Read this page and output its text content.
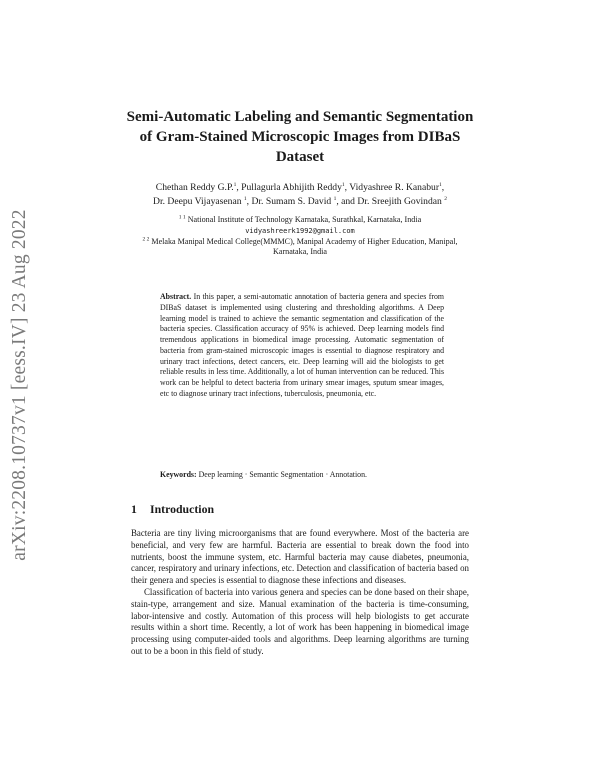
arXiv:2208.10737v1 [eess.IV] 23 Aug 2022
Semi-Automatic Labeling and Semantic Segmentation of Gram-Stained Microscopic Images from DIBaS Dataset
Chethan Reddy G.P.$^1$, Pullagurla Abhijith Reddy$^1$, Vidyashree R. Kanabur$^1$,
Dr. Deepu Vijayasenan $^1$, Dr. Sumam S. David $^1$, and Dr. Sreejith Govindan $^2$
$^{1 1}$ National Institute of Technology Karnataka, Surathkal, Karnataka, India
vidyashreerk1992@gmail.com
$^{2 2}$ Melaka Manipal Medical College(MMMC), Manipal Academy of Higher Education, Manipal, Karnataka, India
Abstract. In this paper, a semi-automatic annotation of bacteria genera and species from DIBaS dataset is implemented using clustering and thresholding algorithms. A Deep learning model is trained to achieve the semantic segmentation and classification of the bacteria species. Classification accuracy of 95% is achieved. Deep learning models find tremendous applications in biomedical image processing. Automatic segmentation of bacteria from gram-stained microscopic images is essential to diagnose respiratory and urinary tract infections, detect cancers, etc. Deep learning will aid the biologists to get reliable results in less time. Additionally, a lot of human intervention can be reduced. This work can be helpful to detect bacteria from urinary smear images, sputum smear images, etc to diagnose urinary tract infections, tuberculosis, pneumonia, etc.
Keywords: Deep learning · Semantic Segmentation · Annotation.
1 Introduction

Bacteria are tiny living microorganisms that are found everywhere. Most of the bacteria are beneficial, and very few are harmful. Bacteria are essential to break down the food into nutrients, boost the immune system, etc. Harmful bacteria may cause diabetes, pneumonia, cancer, respiratory and urinary infections, etc. Detection and classification of bacteria based on their genera and species is essential to diagnose these infections and diseases.

Classification of bacteria into various genera and species can be done based on their shape, stain-type, arrangement and size. Manual examination of the bacteria is time-consuming, labor-intensive and costly. Automation of this process will help biologists to get accurate results within a short time. Recently, a lot of work has been happening in biomedical image processing using computer-aided tools and algorithms. Deep learning algorithms are turning out to be a boon in this field of study.
